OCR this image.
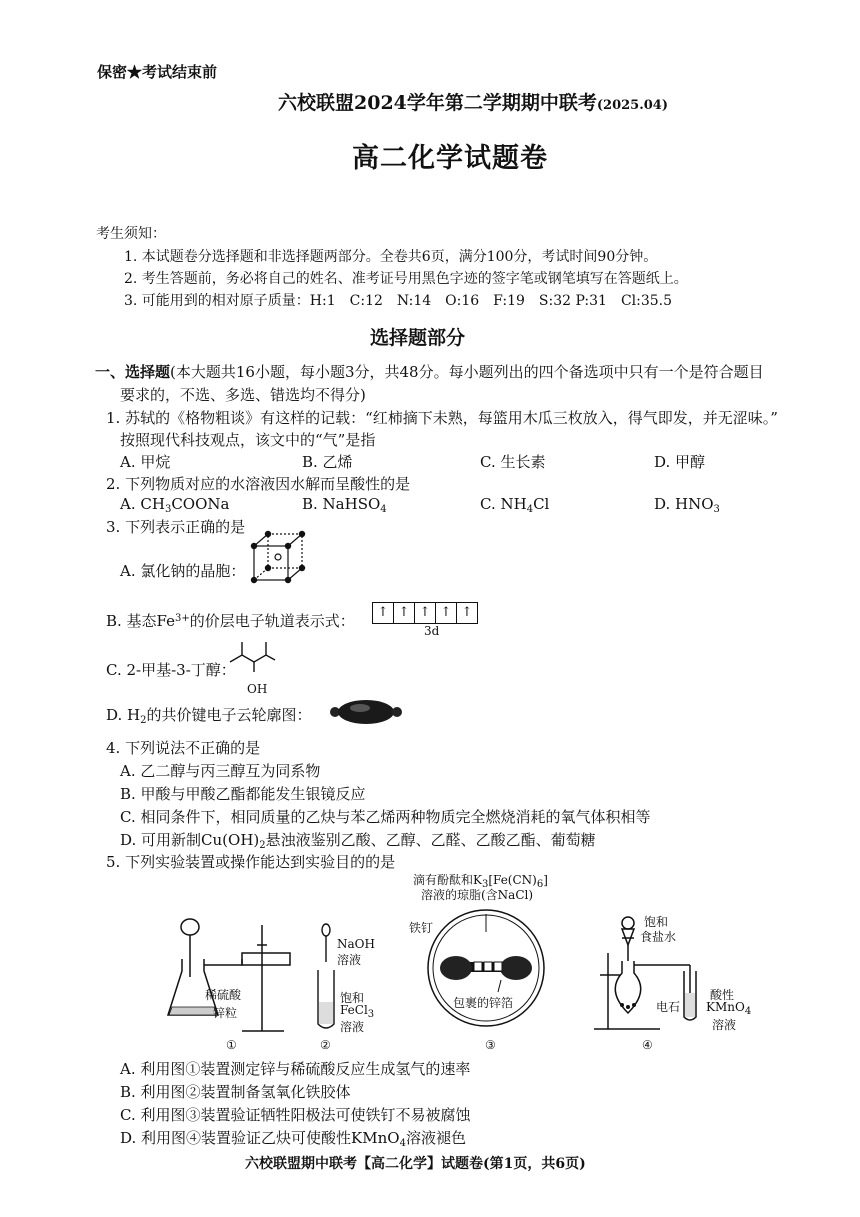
保密★考试结束前
六校联盟2024学年第二学期期中联考(2025.04)
高二化学试题卷
考生须知：
1. 本试题卷分选择题和非选择题两部分。全卷共6页，满分100分，考试时间90分钟。
2. 考生答题前，务必将自己的姓名、准考证号用黑色字迹的签字笔或钢笔填写在答题纸上。
3. 可能用到的相对原子质量：H:1　C:12　N:14　O:16　F:19　S:32 P:31　Cl:35.5
选择题部分
一、选择题(本大题共16小题，每小题3分，共48分。每小题列出的四个备选项中只有一个是符合题目
要求的，不选、多选、错选均不得分)
1. 苏轼的《格物粗谈》有这样的记载：“红柿摘下未熟，每篮用木瓜三枚放入，得气即发，并无涩味。”
按照现代科技观点，该文中的“气”是指
A. 甲烷	B. 乙烯	C. 生长素	D. 甲醇
2. 下列物质对应的水溶液因水解而呈酸性的是
A. $CH_3COONa$	B. NaHSO$_4$	C. $NH_4Cl$	D. $HNO_3$
3. 下列表示正确的是
A. 氯化钠的晶胞：
B. 基态$Fe^{3+}$的价层电子轨道表示式：	↑ ↑ ↑ ↑ ↑
3d
C. 2-甲基-3-丁醇：
OH
D. $H_2$的共价键电子云轮廓图：
4. 下列说法不正确的是
A. 乙二醇与丙三醇互为同系物
B. 甲酸与甲酸乙酯都能发生银镜反应
C. 相同条件下，相同质量的乙炔与苯乙烯两种物质完全燃烧消耗的氧气体积相等
D. 可用新制$Cu(OH)_2$悬浊液鉴别乙酸、乙醇、乙醛、乙酸乙酯、葡萄糖
5. 下列实验装置或操作能达到实验目的的是
稀硫酸
锌粒
①
NaOH
溶液
饱和
FeCl$_3$
溶液
②
滴有酚酞和$K_3[Fe(CN)_6]$
溶液的琼脂(含NaCl)
铁钉
包裹的锌箔
③
饱和
食盐水
电石
酸性
KMnO$_4$
溶液
④
A. 利用图①装置测定锌与稀硫酸反应生成氢气的速率
B. 利用图②装置制备氢氧化铁胶体
C. 利用图③装置验证牺牲阳极法可使铁钉不易被腐蚀
D. 利用图④装置验证乙炔可使酸性KMnO$_4$溶液褪色
六校联盟期中联考【高二化学】试题卷(第1页，共6页)
